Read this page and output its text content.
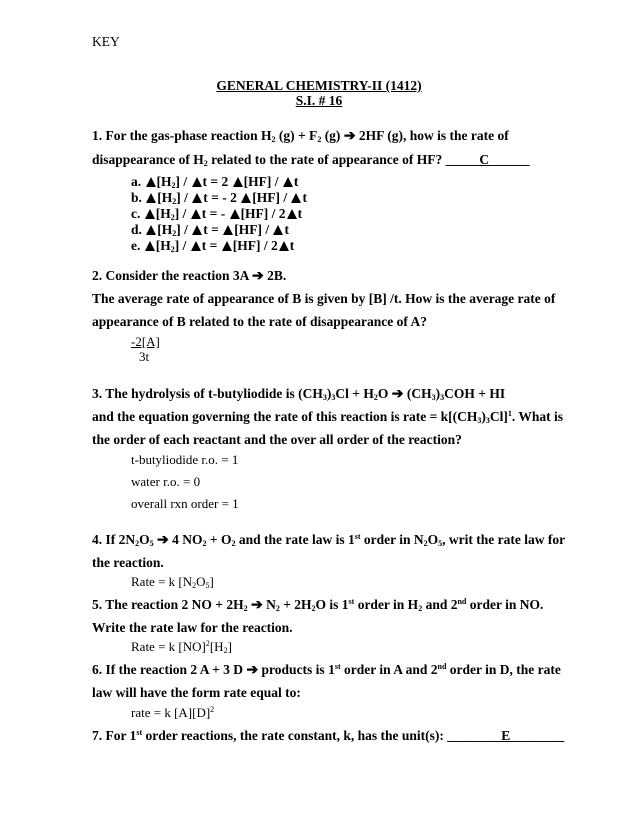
KEY
GENERAL CHEMISTRY-II (1412)
S.I. # 16
1. For the gas-phase reaction $H_2$ $(g) + F_2$ (g) ➔ 2HF (g), how is the rate of
disappearance of $H_2$ related to the rate of appearance of HF? _____C______
a. $[H_2] / t = 2$ [HF] / t
b. $[H_2]$ / t = - 2 [HF] / t
c. $[H_2]$ / t = - [HF] / 2 t
d. $[H_2] / t = [HF] / t$
e. $[H_2] / t = [HF] / 2$ t
2. Consider the reaction 3A ➔ 2B.
The average rate of appearance of B is given by [B] /t. How is the average rate of
appearance of B related to the rate of disappearance of A?
-2[A]
3t
3. The hydrolysis of t-butyliodide is $(CH_3)_3Cl + H_2O$ ➔ $(CH_3)_3COH$ + HI
and the equation governing the rate of this reaction is rate = $k[(CH_3)_3Cl]^1$. What is
the order of each reactant and the over all order of the reaction?
t-butyliodide r.o. = 1
water r.o. = 0
overall rxn order = 1
4. If $2N_2O_5$ ➔ 4 $NO_2 + O_2$ and the rate law is 1st order in $N_2O_5$, writ the rate law for
the reaction.
Rate = k $[N_2O_5]$
5. The reaction 2 NO + $2H_2$ ➔ $N_2 + 2H_2O$ is 1st order in $H_2$ and 2nd order in NO.
Write the rate law for the reaction.
Rate = k $[NO]^2[H_2]$
6. If the reaction 2 A + 3 D ➔ products is 1st order in A and 2nd order in D, the rate
law will have the form rate equal to:
rate = k $[A][D]^2$
7. For 1st order reactions, the rate constant, k, has the unit(s): ________E________
